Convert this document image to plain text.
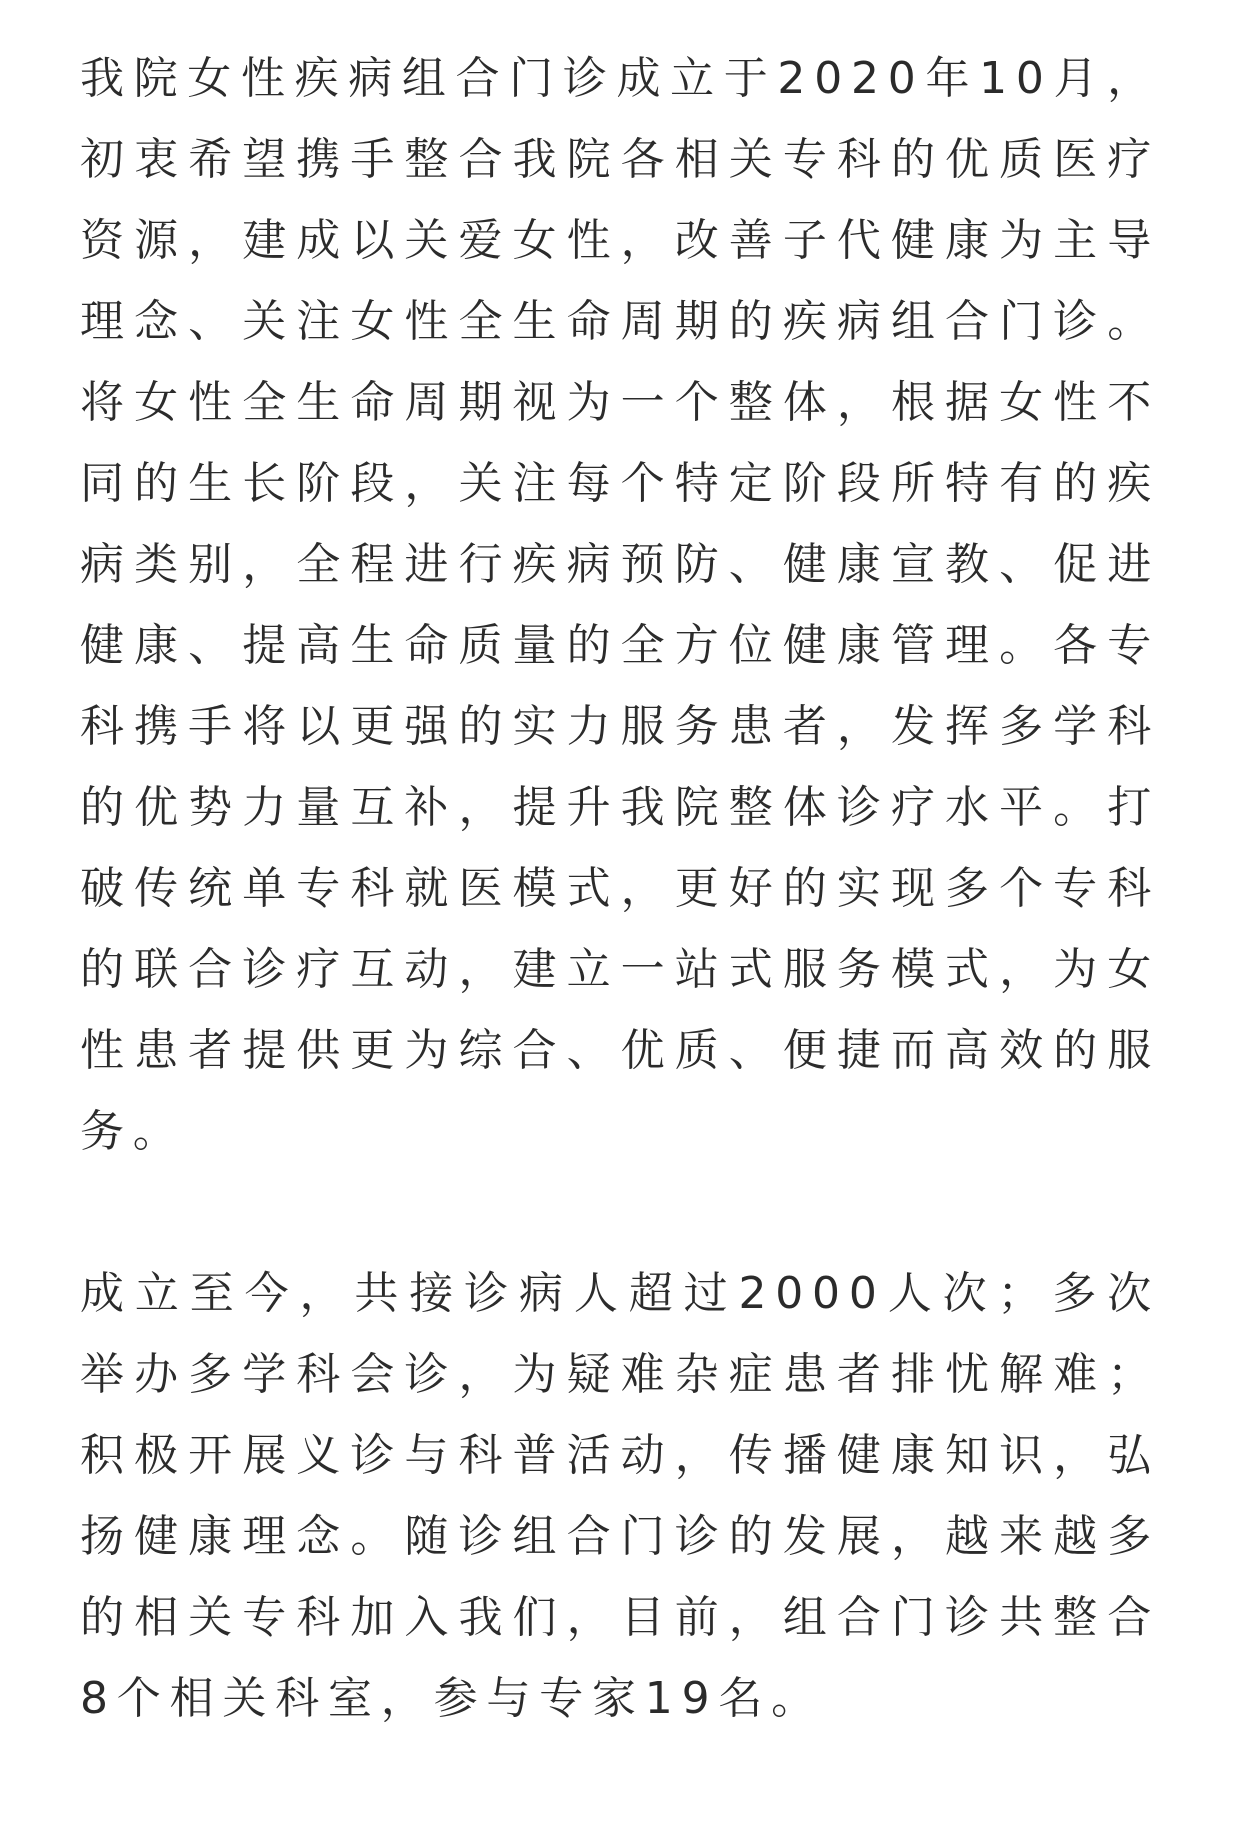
我院女性疾病组合门诊成立于2020年10月，初衷希望携手整合我院各相关专科的优质医疗资源，建成以关爱女性，改善子代健康为主导理念、关注女性全生命周期的疾病组合门诊。将女性全生命周期视为一个整体，根据女性不同的生长阶段，关注每个特定阶段所特有的疾病类别，全程进行疾病预防、健康宣教、促进健康、提高生命质量的全方位健康管理。各专科携手将以更强的实力服务患者，发挥多学科的优势力量互补，提升我院整体诊疗水平。打破传统单专科就医模式，更好的实现多个专科的联合诊疗互动，建立一站式服务模式，为女性患者提供更为综合、优质、便捷而高效的服务。

成立至今，共接诊病人超过2000人次；多次举办多学科会诊，为疑难杂症患者排忧解难；积极开展义诊与科普活动，传播健康知识，弘扬健康理念。随诊组合门诊的发展，越来越多的相关专科加入我们，目前，组合门诊共整合8个相关科室，参与专家19名。
